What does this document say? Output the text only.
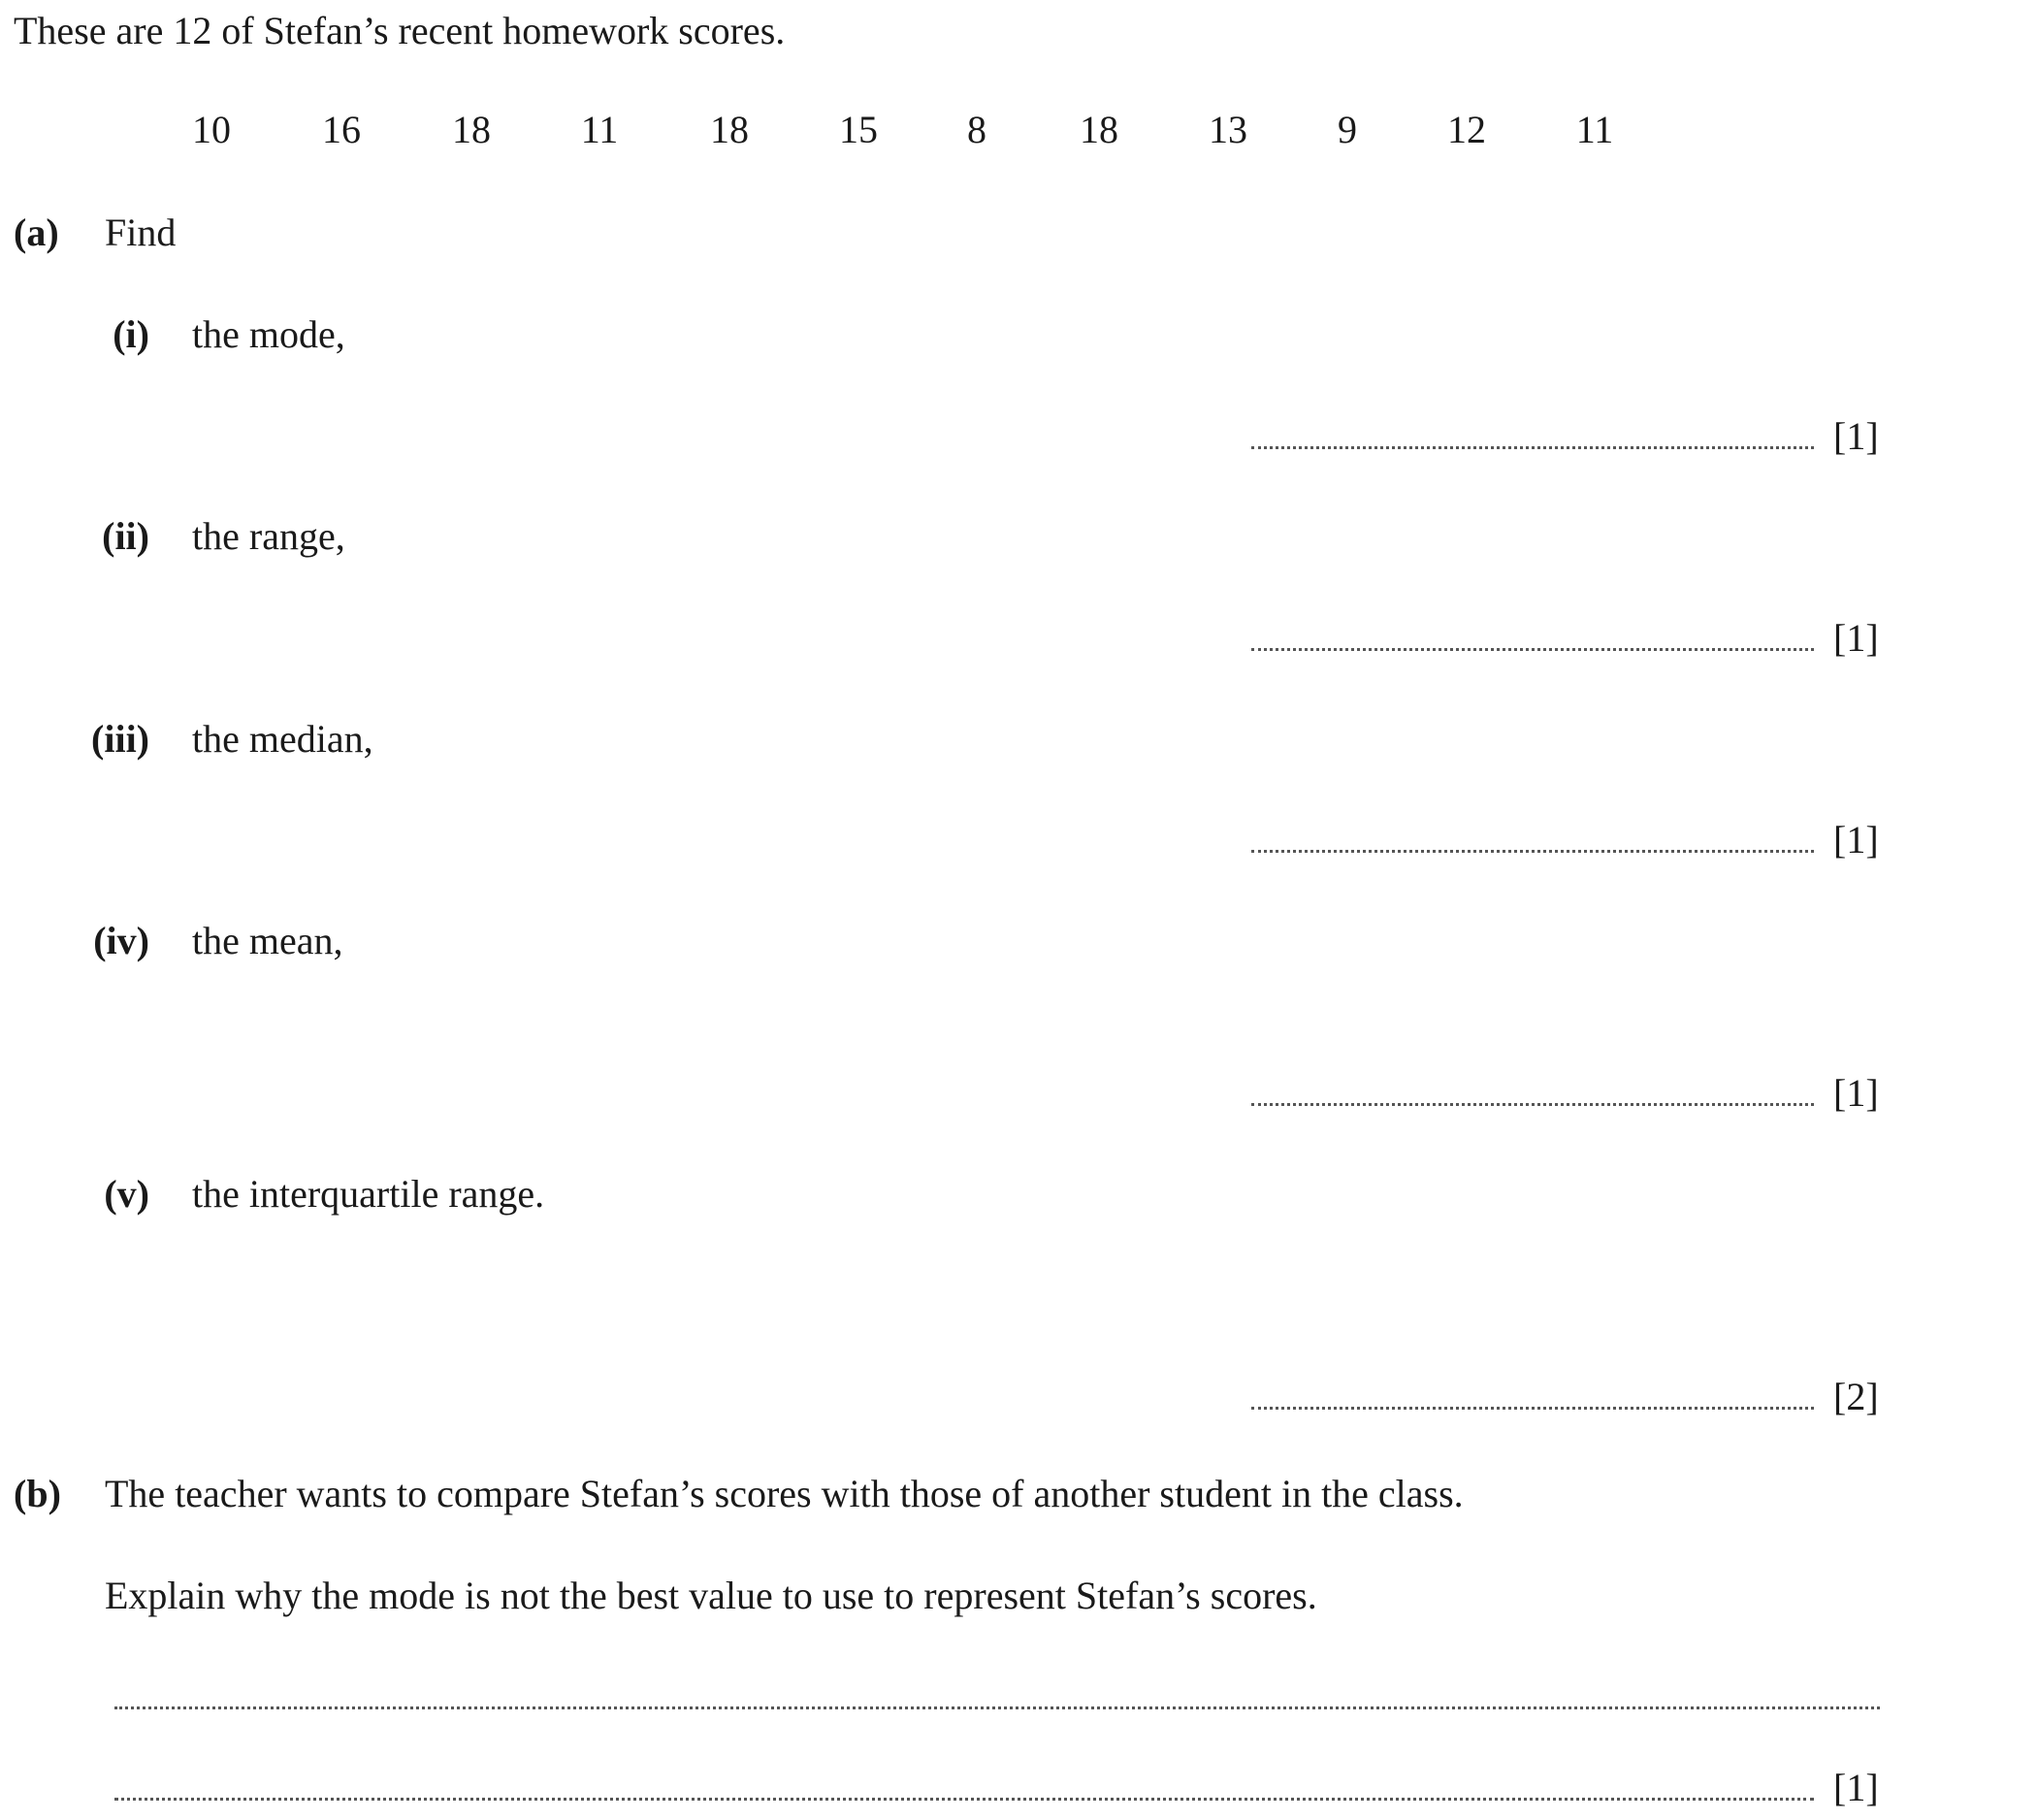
These are 12 of Stefan’s recent homework scores.
10	16	18	11	18	15	8	18	13	9	12	11
(a) Find
(i) the mode,
[1]
(ii) the range,
[1]
(iii) the median,
[1]
(iv) the mean,
[1]
(v) the interquartile range.
[2]
(b) The teacher wants to compare Stefan’s scores with those of another student in the class.
Explain why the mode is not the best value to use to represent Stefan’s scores.
[1]
